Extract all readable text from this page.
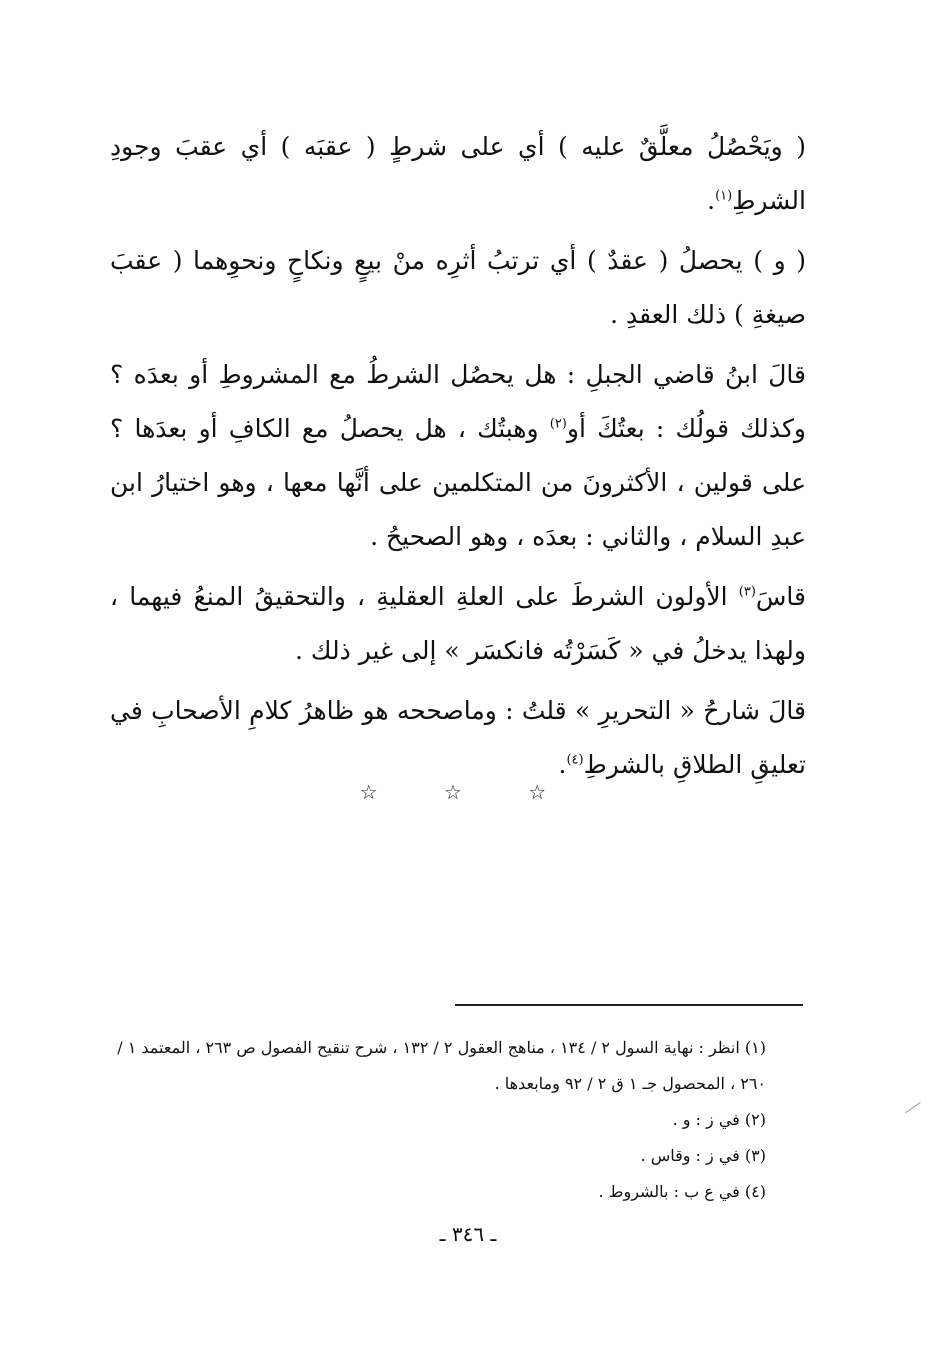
( ويَحْصُلُ معلَّقٌ عليه ) أي على شرطٍ ( عقبَه ) أي عقبَ وجودِ الشرطِ$^{(١)}$.

( و ) يحصلُ ( عقدٌ ) أي ترتبُ أثرِه منْ بيعٍ ونكاحٍ ونحوِهما ( عقبَ صيغةِ ) ذلك العقدِ .

قالَ ابنُ قاضي الجبلِ : هل يحصُل الشرطُ مع المشروطِ أو بعدَه ؟ وكذلك قولُك : بعتُكَ أو$^{(٢)}$ وهبتُك ، هل يحصلُ مع الكافِ أو بعدَها ؟ على قولين ، الأكثرونَ من المتكلمين على أنَّها معها ، وهو اختيارُ ابن عبدِ السلام ، والثاني : بعدَه ، وهو الصحيحُ .

قاسَ$^{(٣)}$ الأولون الشرطَ على العلةِ العقليةِ ، والتحقيقُ المنعُ فيهما ، ولهذا يدخلُ في « كَسَرْتُه فانكسَر » إلى غير ذلك .

قالَ شارحُ « التحريرِ » قلتُ : وماصححه هو ظاهرُ كلامِ الأصحابِ في تعليقِ الطلاقِ بالشرطِ$^{(٤)}$.

☆ ☆ ☆

(١) انظر : نهاية السول ٢ / ١٣٤ ، مناهج العقول ٢ / ١٣٢ ، شرح تنقيح الفصول ص ٢٦٣ ، المعتمد ١ / ٢٦٠ ، المحصول جـ ١ ق ٢ / ٩٢ ومابعدها .

(٢) في ز : و .

(٣) في ز : وقاس .

(٤) في ع ب : بالشروط .

ـ ٣٤٦ ـ
